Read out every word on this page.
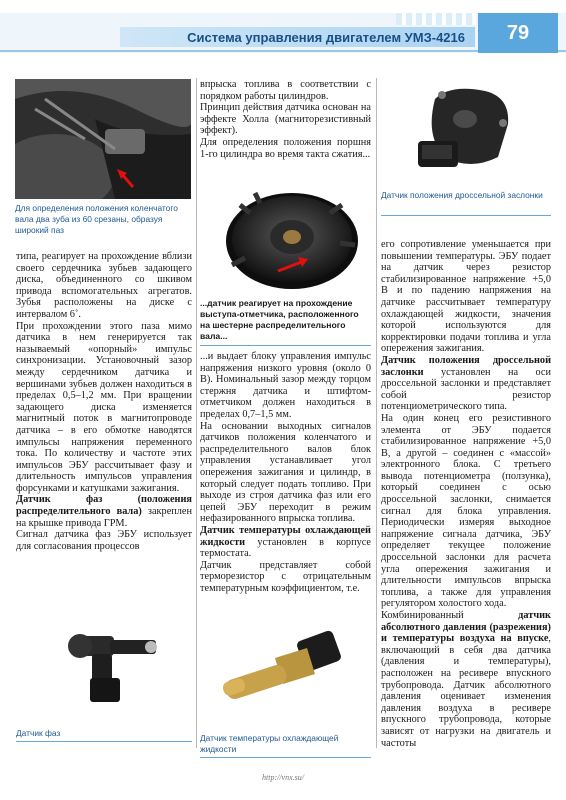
Система управления двигателем УМЗ-4216	79
Для определения положения коленчатого вала два зуба из 60 срезаны, образуя широкий паз
...датчик реагирует на прохождение выступа-отметчика, расположенного на шестерне распределительного вала...
Датчик положения дроссельной заслонки
Датчик фаз	Датчик температуры охлаждающей жидкости

типа, реагирует на прохождение вблизи своего сердечника зубьев задающего диска, объединенного со шкивом привода вспомогательных агрегатов. Зубья расположены на диске с интервалом 6˚.

При прохождении этого паза мимо датчика в нем генерируется так называемый «опорный» импульс синхронизации. Установочный зазор между сердечником датчика и вершинами зубьев должен находиться в пределах 0,5–1,2 мм. При вращении задающего диска изменяется магнитный поток в магнитопроводе датчика – в его обмотке наводятся импульсы напряжения переменного тока. По количеству и частоте этих импульсов ЭБУ рассчитывает фазу и длительность импульсов управления форсунками и катушками зажигания.

Датчик фаз (положения распределительного вала) закреплен на крышке привода ГРМ.

Сигнал датчика фаз ЭБУ использует для согласования процессов

впрыска топлива в соответствии с порядком работы цилиндров.

Принцип действия датчика основан на эффекте Холла (магниторезистивный эффект).

Для определения положения поршня 1-го цилиндра во время такта сжатия...

...и выдает блоку управления импульс напряжения низкого уровня (около 0 В). Номинальный зазор между торцом стержня датчика и штифтом-отметчиком должен находиться в пределах 0,7–1,5 мм.

На основании выходных сигналов датчиков положения коленчатого и распределительного валов блок управления устанавливает угол опережения зажигания и цилиндр, в который следует подать топливо. При выходе из строя датчика фаз или его цепей ЭБУ переходит в режим нефазированного впрыска топлива.

Датчик температуры охлаждающей жидкости установлен в корпусе термостата.

Датчик представляет собой терморезистор с отрицательным температурным коэффициентом, т.е.

его сопротивление уменьшается при повышении температуры. ЭБУ подает на датчик через резистор стабилизированное напряжение +5,0 В и по падению напряжения на датчике рассчитывает температуру охлаждающей жидкости, значения которой используются для корректировки подачи топлива и угла опережения зажигания.

Датчик положения дроссельной заслонки установлен на оси дроссельной заслонки и представляет собой резистор потенциометрического типа.

На один конец его резистивного элемента от ЭБУ подается стабилизированное напряжение +5,0 В, а другой – соединен с «массой» электронного блока. С третьего вывода потенциометра (ползунка), который соединен с осью дроссельной заслонки, снимается сигнал для блока управления. Периодически измеряя выходное напряжение сигнала датчика, ЭБУ определяет текущее положение дроссельной заслонки для расчета угла опережения зажигания и длительности импульсов впрыска топлива, а также для управления регулятором холостого хода.

Комбинированный датчик абсолютного давления (разрежения) и температуры воздуха на впуске, включающий в себя два датчика (давления и температуры), расположен на ресивере впускного трубопровода. Датчик абсолютного давления оценивает изменения давления воздуха в ресивере впускного трубопровода, которые зависят от нагрузки на двигатель и частоты

http://vnx.su/
